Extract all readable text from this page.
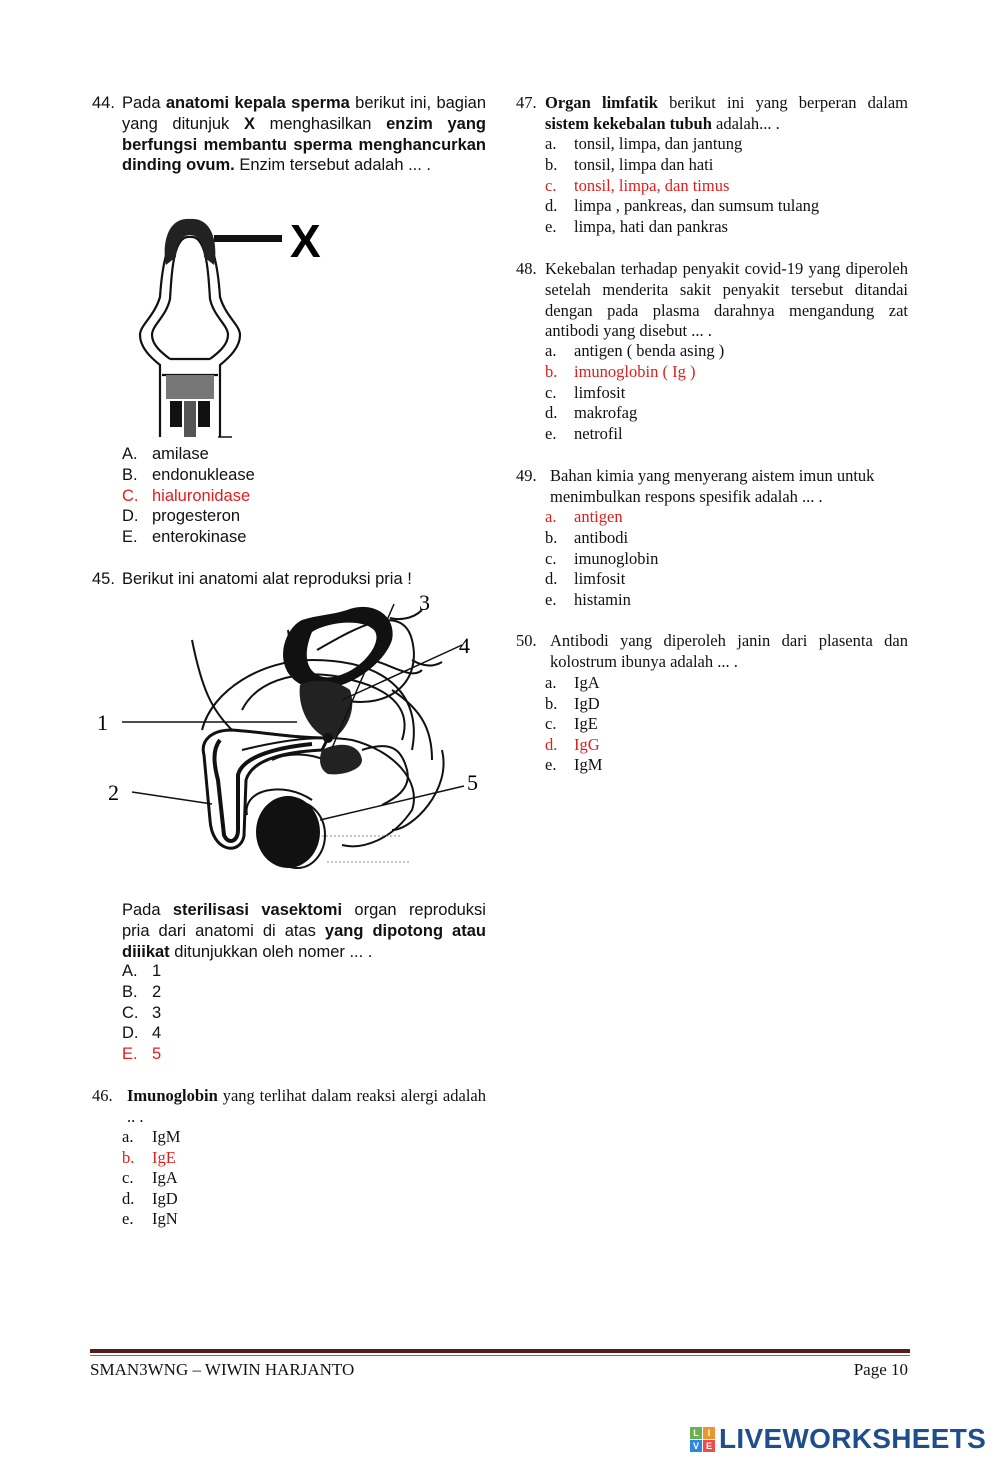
44. Pada anatomi kepala sperma berikut ini, bagian yang ditunjuk X menghasilkan enzim yang berfungsi membantu sperma menghancurkan dinding ovum. Enzim tersebut adalah ... .
X
A. amilase
B. endonuklease
C. hialuronidase
D. progesteron
E. enterokinase
45. Berikut ini anatomi alat reproduksi pria !
1
2
3
4
5
Pada sterilisasi vasektomi organ reproduksi pria dari anatomi di atas yang dipotong atau diiikat ditunjukkan oleh nomer ... .
A. 1
B. 2
C. 3
D. 4
E. 5
46. Imunoglobin yang terlihat dalam reaksi alergi adalah .. .
a. IgM
b. IgE
c. IgA
d. IgD
e. IgN
47. Organ limfatik berikut ini yang berperan dalam sistem kekebalan tubuh adalah... .
a. tonsil, limpa, dan jantung
b. tonsil, limpa dan hati
c. tonsil, limpa, dan timus
d. limpa , pankreas, dan sumsum tulang
e. limpa, hati dan pankras
48. Kekebalan terhadap penyakit covid-19 yang diperoleh setelah menderita sakit penyakit tersebut ditandai dengan pada plasma darahnya mengandung zat antibodi yang disebut ... .
a. antigen ( benda asing )
b. imunoglobin ( Ig )
c. limfosit
d. makrofag
e. netrofil
49. Bahan kimia yang menyerang aistem imun untuk menimbulkan respons spesifik adalah ... .
a. antigen
b. antibodi
c. imunoglobin
d. limfosit
e. histamin
50. Antibodi yang diperoleh janin dari plasenta dan kolostrum ibunya adalah ... .
a. IgA
b. IgD
c. IgE
d. IgG
e. IgM
SMAN3WNG – WIWIN HARJANTO	Page 10
L I
V E LIVEWORKSHEETS
